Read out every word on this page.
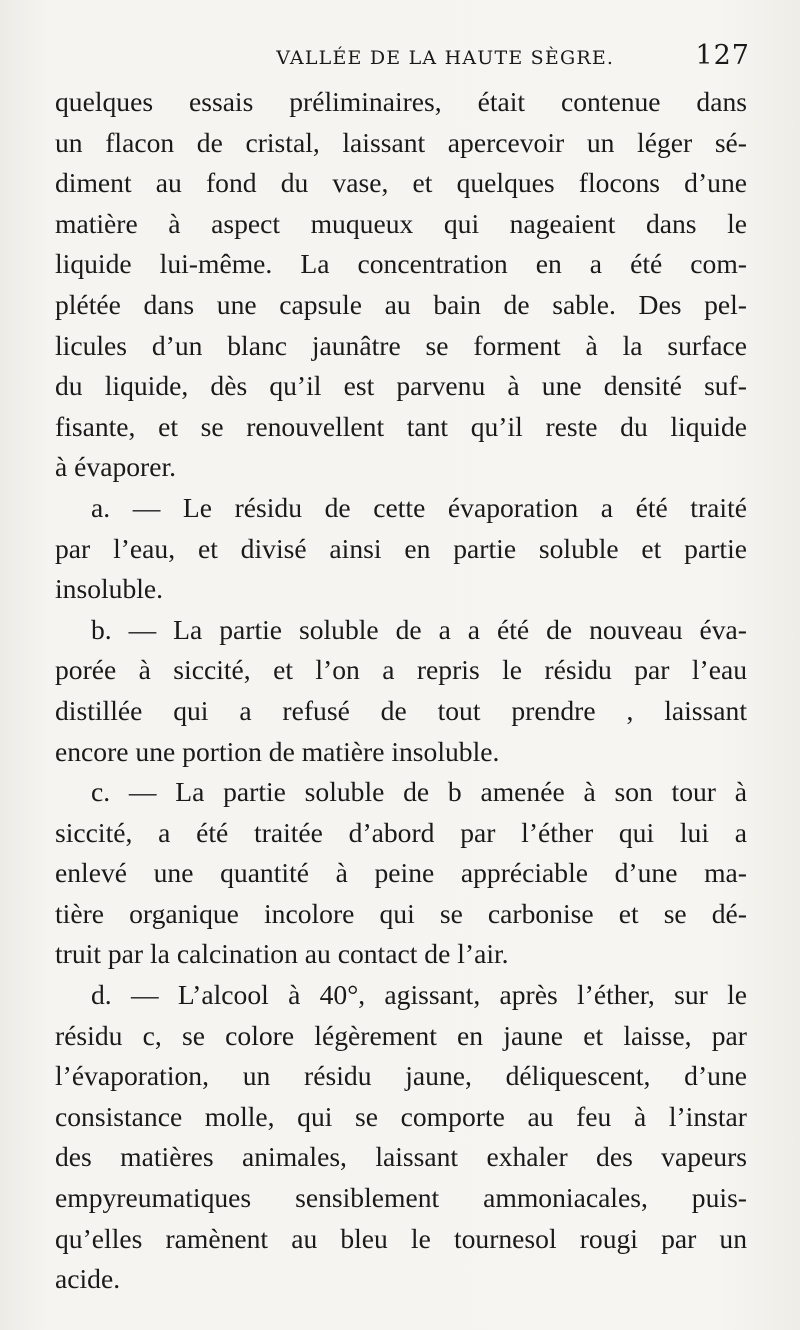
VALLÉE DE LA HAUTE SÈGRE.	127
quelques essais préliminaires, était contenue dans
un flacon de cristal, laissant apercevoir un léger sé-
diment au fond du vase, et quelques flocons d’une
matière à aspect muqueux qui nageaient dans le
liquide lui-même. La concentration en a été com-
plétée dans une capsule au bain de sable. Des pel-
licules d’un blanc jaunâtre se forment à la surface
du liquide, dès qu’il est parvenu à une densité suf-
fisante, et se renouvellent tant qu’il reste du liquide
à évaporer.
a. — Le résidu de cette évaporation a été traité
par l’eau, et divisé ainsi en partie soluble et partie
insoluble.
b. — La partie soluble de a a été de nouveau éva-
porée à siccité, et l’on a repris le résidu par l’eau
distillée qui a refusé de tout prendre , laissant
encore une portion de matière insoluble.
c. — La partie soluble de b amenée à son tour à
siccité, a été traitée d’abord par l’éther qui lui a
enlevé une quantité à peine appréciable d’une ma-
tière organique incolore qui se carbonise et se dé-
truit par la calcination au contact de l’air.
d. — L’alcool à 40°, agissant, après l’éther, sur le
résidu c, se colore légèrement en jaune et laisse, par
l’évaporation, un résidu jaune, déliquescent, d’une
consistance molle, qui se comporte au feu à l’instar
des matières animales, laissant exhaler des vapeurs
empyreumatiques sensiblement ammoniacales, puis-
qu’elles ramènent au bleu le tournesol rougi par un
acide.
